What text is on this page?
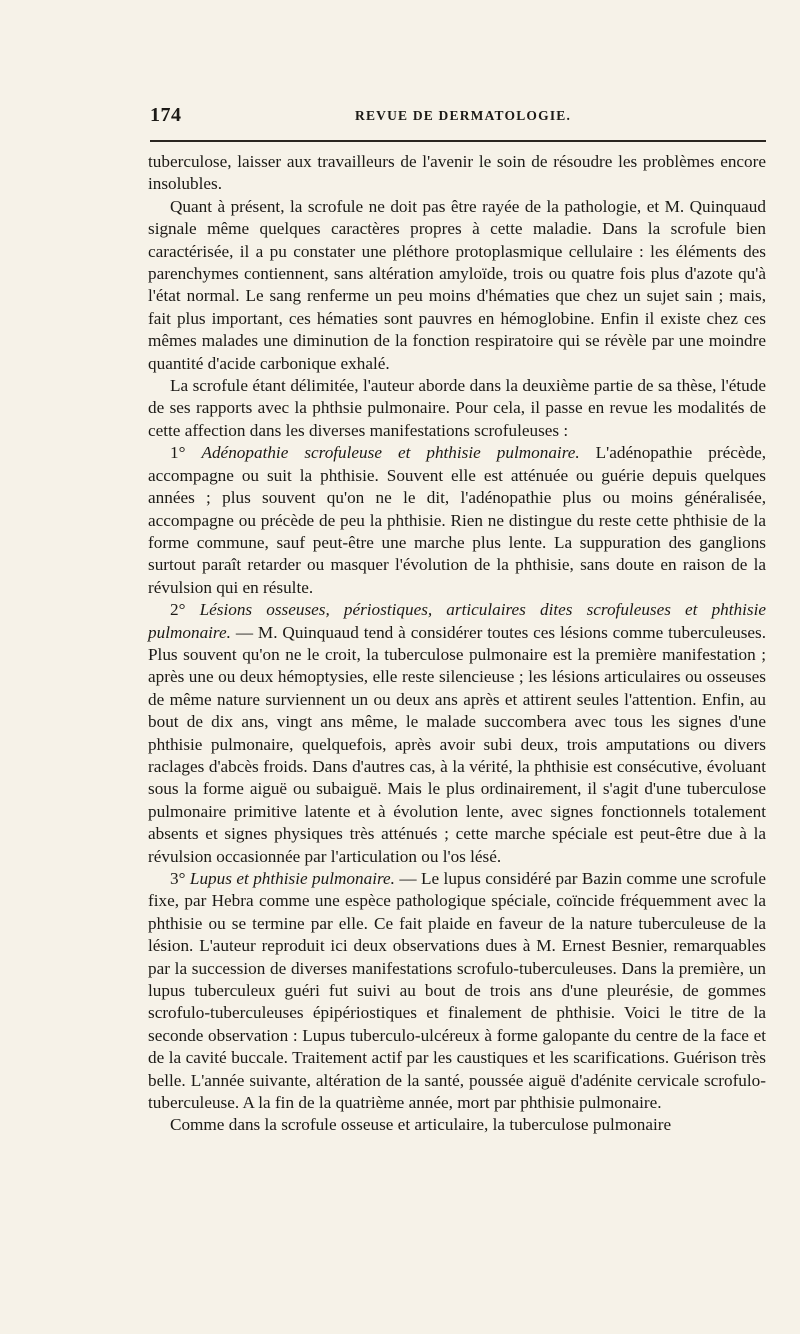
174	REVUE DE DERMATOLOGIE.

tuberculose, laisser aux travailleurs de l'avenir le soin de résoudre les problèmes encore insolubles.

Quant à présent, la scrofule ne doit pas être rayée de la pathologie, et M. Quinquaud signale même quelques caractères propres à cette maladie. Dans la scrofule bien caractérisée, il a pu constater une pléthore protoplasmique cellulaire : les éléments des parenchymes contiennent, sans altération amyloïde, trois ou quatre fois plus d'azote qu'à l'état normal. Le sang renferme un peu moins d'hématies que chez un sujet sain ; mais, fait plus important, ces hématies sont pauvres en hémoglobine. Enfin il existe chez ces mêmes malades une diminution de la fonction respiratoire qui se révèle par une moindre quantité d'acide carbonique exhalé.

La scrofule étant délimitée, l'auteur aborde dans la deuxième partie de sa thèse, l'étude de ses rapports avec la phthsie pulmonaire. Pour cela, il passe en revue les modalités de cette affection dans les diverses manifestations scrofuleuses :

1° Adénopathie scrofuleuse et phthisie pulmonaire. L'adénopathie précède, accompagne ou suit la phthisie. Souvent elle est atténuée ou guérie depuis quelques années ; plus souvent qu'on ne le dit, l'adénopathie plus ou moins généralisée, accompagne ou précède de peu la phthisie. Rien ne distingue du reste cette phthisie de la forme commune, sauf peut-être une marche plus lente. La suppuration des ganglions surtout paraît retarder ou masquer l'évolution de la phthisie, sans doute en raison de la révulsion qui en résulte.

2° Lésions osseuses, périostiques, articulaires dites scrofuleuses et phthisie pulmonaire. — M. Quinquaud tend à considérer toutes ces lésions comme tuberculeuses. Plus souvent qu'on ne le croit, la tuberculose pulmonaire est la première manifestation ; après une ou deux hémoptysies, elle reste silencieuse ; les lésions articulaires ou osseuses de même nature surviennent un ou deux ans après et attirent seules l'attention. Enfin, au bout de dix ans, vingt ans même, le malade succombera avec tous les signes d'une phthisie pulmonaire, quelquefois, après avoir subi deux, trois amputations ou divers raclages d'abcès froids. Dans d'autres cas, à la vérité, la phthisie est consécutive, évoluant sous la forme aiguë ou subaiguë. Mais le plus ordinairement, il s'agit d'une tuberculose pulmonaire primitive latente et à évolution lente, avec signes fonctionnels totalement absents et signes physiques très atténués ; cette marche spéciale est peut-être due à la révulsion occasionnée par l'articulation ou l'os lésé.

3° Lupus et phthisie pulmonaire. — Le lupus considéré par Bazin comme une scrofule fixe, par Hebra comme une espèce pathologique spéciale, coïncide fréquemment avec la phthisie ou se termine par elle. Ce fait plaide en faveur de la nature tuberculeuse de la lésion. L'auteur reproduit ici deux observations dues à M. Ernest Besnier, remarquables par la succession de diverses manifestations scrofulo-tuberculeuses. Dans la première, un lupus tuberculeux guéri fut suivi au bout de trois ans d'une pleurésie, de gommes scrofulo-tuberculeuses épipériostiques et finalement de phthisie. Voici le titre de la seconde observation : Lupus tuberculo-ulcéreux à forme galopante du centre de la face et de la cavité buccale. Traitement actif par les caustiques et les scarifications. Guérison très belle. L'année suivante, altération de la santé, poussée aiguë d'adénite cervicale scrofulo-tuberculeuse. A la fin de la quatrième année, mort par phthisie pulmonaire.

Comme dans la scrofule osseuse et articulaire, la tuberculose pulmonaire
